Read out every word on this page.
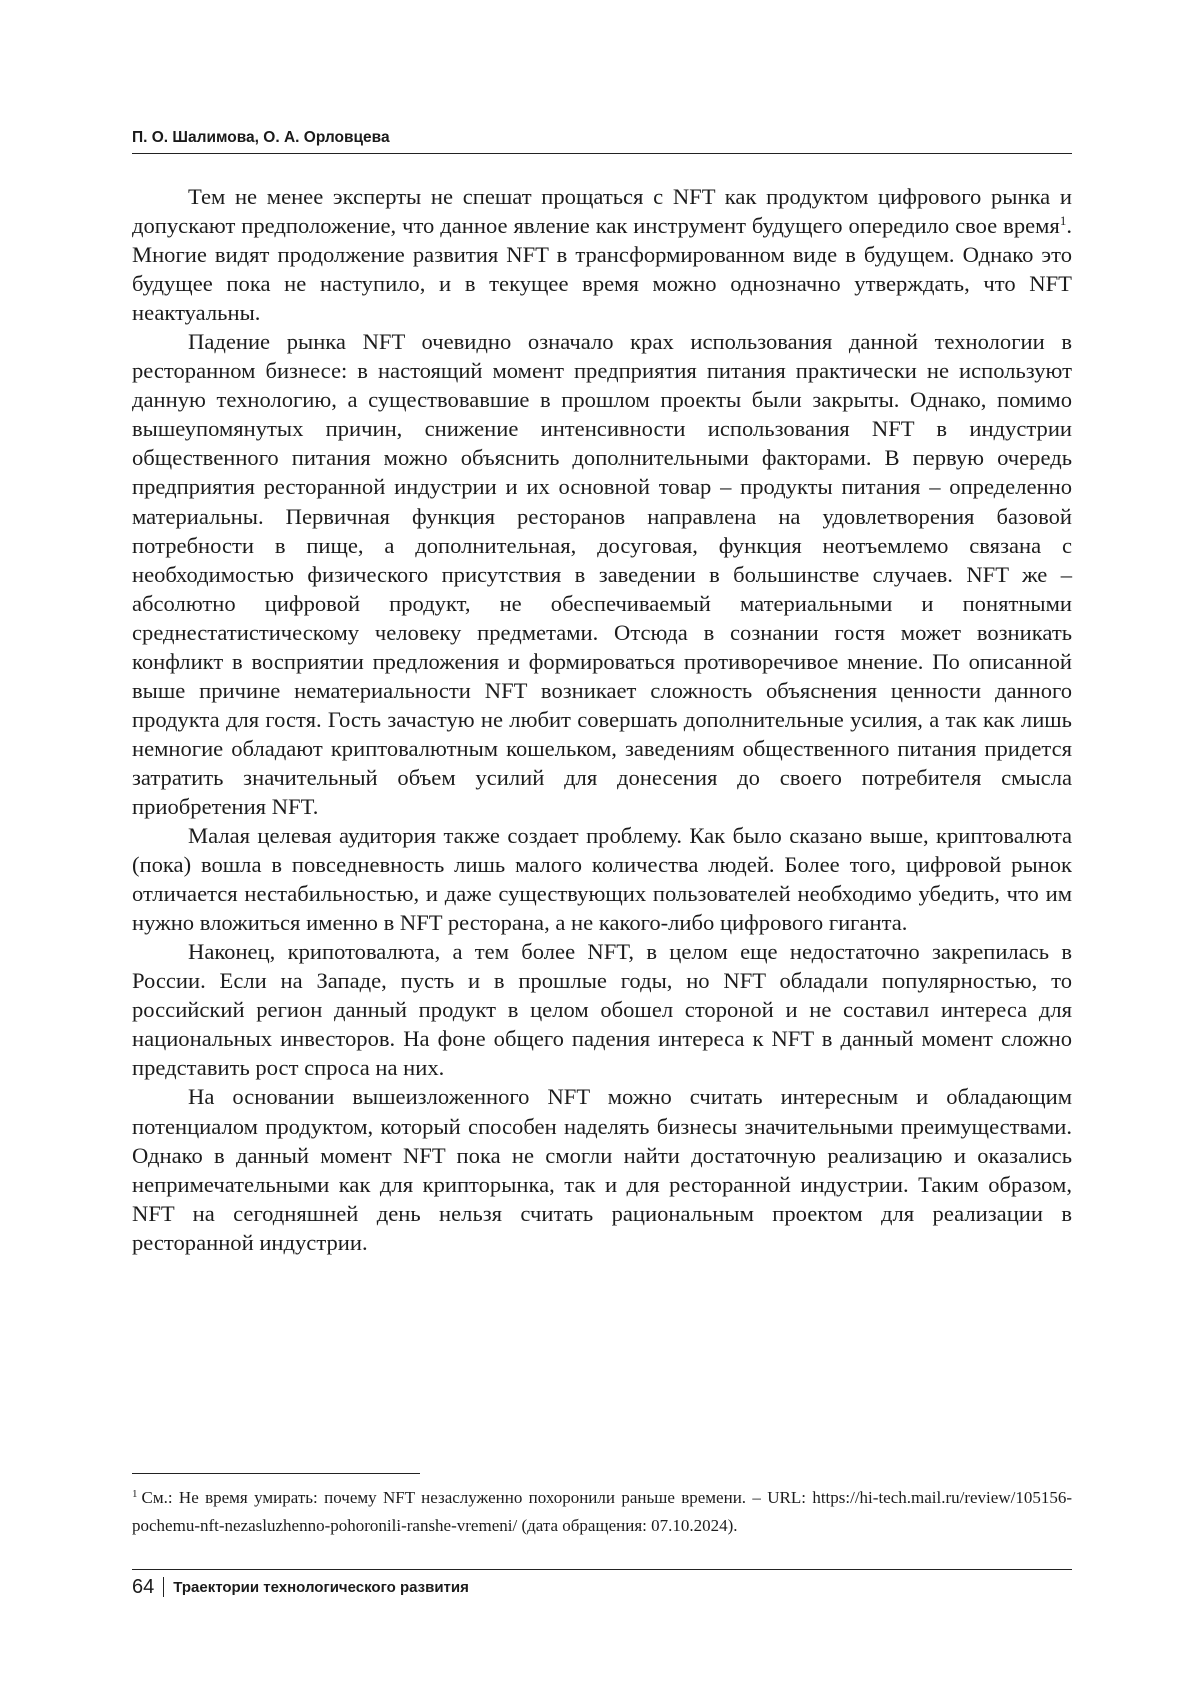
П. О. Шалимова, О. А. Орловцева

Тем не менее эксперты не спешат прощаться с NFT как продуктом цифрового рынка и допускают предположение, что данное явление как инструмент будущего опередило свое время$^1$. Многие видят продолжение развития NFT в трансформированном виде в будущем. Однако это будущее пока не наступило, и в текущее время можно однозначно утверждать, что NFT неактуальны.

Падение рынка NFT очевидно означало крах использования данной технологии в ресторанном бизнесе: в настоящий момент предприятия питания практически не используют данную технологию, а существовавшие в прошлом проекты были закрыты. Однако, помимо вышеупомянутых причин, снижение интенсивности использования NFT в индустрии общественного питания можно объяснить дополнительными факторами. В первую очередь предприятия ресторанной индустрии и их основной товар – продукты питания – определенно материальны. Первичная функция ресторанов направлена на удовлетворения базовой потребности в пище, а дополнительная, досуговая, функция неотъемлемо связана с необходимостью физического присутствия в заведении в большинстве случаев. NFT же – абсолютно цифровой продукт, не обеспечиваемый материальными и понятными среднестатистическому человеку предметами. Отсюда в сознании гостя может возникать конфликт в восприятии предложения и формироваться противоречивое мнение. По описанной выше причине нематериальности NFT возникает сложность объяснения ценности данного продукта для гостя. Гость зачастую не любит совершать дополнительные усилия, а так как лишь немногие обладают криптовалютным кошельком, заведениям общественного питания придется затратить значительный объем усилий для донесения до своего потребителя смысла приобретения NFT.

Малая целевая аудитория также создает проблему. Как было сказано выше, криптовалюта (пока) вошла в повседневность лишь малого количества людей. Более того, цифровой рынок отличается нестабильностью, и даже существующих пользователей необходимо убедить, что им нужно вложиться именно в NFT ресторана, а не какого-либо цифрового гиганта.

Наконец, крипотовалюта, а тем более NFT, в целом еще недостаточно закрепилась в России. Если на Западе, пусть и в прошлые годы, но NFT обладали популярностью, то российский регион данный продукт в целом обошел стороной и не составил интереса для национальных инвесторов. На фоне общего падения интереса к NFT в данный момент сложно представить рост спроса на них.

На основании вышеизложенного NFT можно считать интересным и обладающим потенциалом продуктом, который способен наделять бизнесы значительными преимуществами. Однако в данный момент NFT пока не смогли найти достаточную реализацию и оказались непримечательными как для крипторынка, так и для ресторанной индустрии. Таким образом, NFT на сегодняшней день нельзя считать рациональным проектом для реализации в ресторанной индустрии.

$^1$ См.: Не время умирать: почему NFT незаслуженно похоронили раньше времени. – URL: https://hi-tech.mail.ru/review/105156-pochemu-nft-nezasluzhenno-pohoronili-ranshe-vremeni/ (дата обращения: 07.10.2024).
64 Траектории технологического развития
